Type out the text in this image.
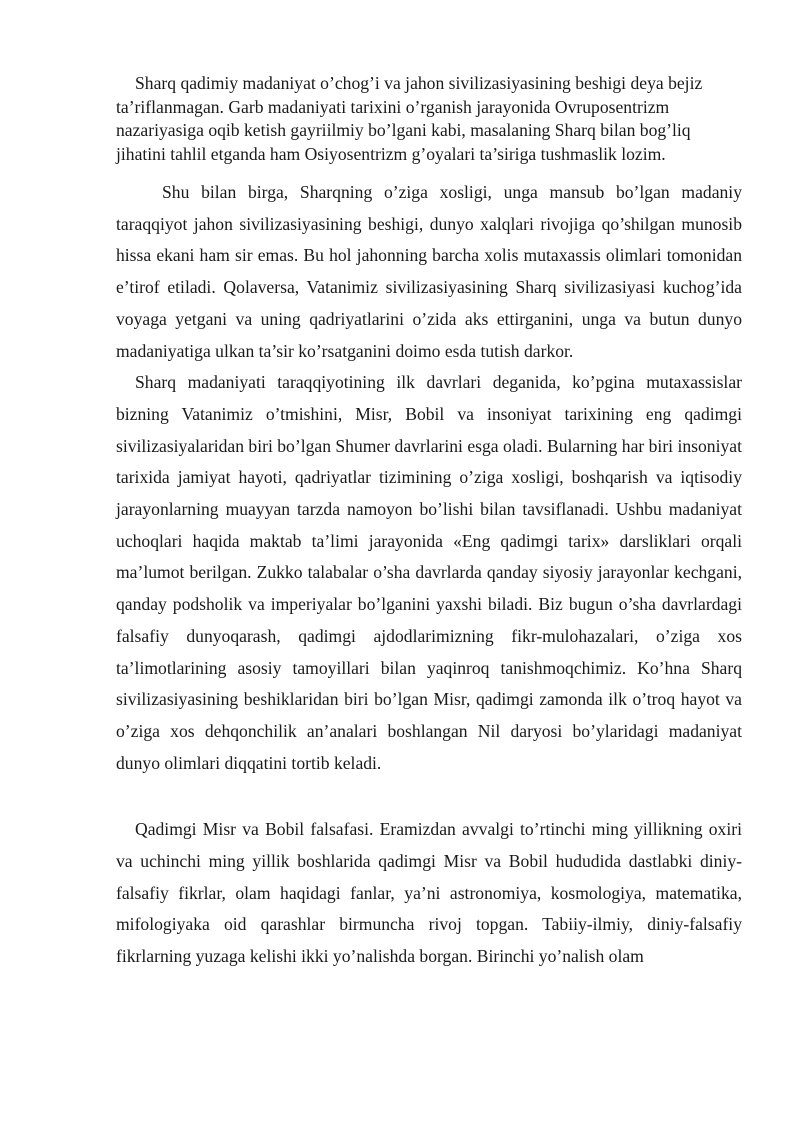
Sharq qadimiy madaniyat o’chog’i va jahon sivilizasiyasining beshigi deya bejiz ta’riflanmagan. Garb madaniyati tarixini o’rganish jarayonida Ovruposentrizm nazariyasiga oqib ketish gayriilmiy bo’lgani kabi, masalaning Sharq bilan bog’liq jihatini tahlil etganda ham Osiyosentrizm g’oyalari ta’siriga tushmaslik lozim.

Shu bilan birga, Sharqning o’ziga xosligi, unga mansub bo’lgan madaniy taraqqiyot jahon sivilizasiyasining beshigi, dunyo xalqlari rivojiga qo’shilgan munosib hissa ekani ham sir emas. Bu hol jahonning barcha xolis mutaxassis olimlari tomonidan e’tirof etiladi. Qolaversa, Vatanimiz sivilizasiyasining Sharq sivilizasiyasi kuchog’ida voyaga yetgani va uning qadriyatlarini o’zida aks ettirganini, unga va butun dunyo madaniyatiga ulkan ta’sir ko’rsatganini doimo esda tutish darkor.

Sharq madaniyati taraqqiyotining ilk davrlari deganida, ko’pgina mutaxassislar bizning Vatanimiz o’tmishini, Misr, Bobil va insoniyat tarixining eng qadimgi sivilizasiyalaridan biri bo’lgan Shumer davrlarini esga oladi. Bularning har biri insoniyat tarixida jamiyat hayoti, qadriyatlar tizimining o’ziga xosligi, boshqarish va iqtisodiy jarayonlarning muayyan tarzda namoyon bo’lishi bilan tavsiflanadi. Ushbu madaniyat uchoqlari haqida maktab ta’limi jarayonida «Eng qadimgi tarix» darsliklari orqali ma’lumot berilgan. Zukko talabalar o’sha davrlarda qanday siyosiy jarayonlar kechgani, qanday podsholik va imperiyalar bo’lganini yaxshi biladi. Biz bugun o’sha davrlardagi falsafiy dunyoqarash, qadimgi ajdodlarimizning fikr-mulohazalari, o’ziga xos ta’limotlarining asosiy tamoyillari bilan yaqinroq tanishmoqchimiz. Ko’hna Sharq sivilizasiyasining beshiklaridan biri bo’lgan Misr, qadimgi zamonda ilk o’troq hayot va o’ziga xos dehqonchilik an’analari boshlangan Nil daryosi bo’ylaridagi madaniyat dunyo olimlari diqqatini tortib keladi.

Qadimgi Misr va Bobil falsafasi. Eramizdan avvalgi to’rtinchi ming yillikning oxiri va uchinchi ming yillik boshlarida qadimgi Misr va Bobil hududida dastlabki diniy-falsafiy fikrlar, olam haqidagi fanlar, ya’ni astronomiya, kosmologiya, matematika, mifologiyaka oid qarashlar birmuncha rivoj topgan. Tabiiy-ilmiy, diniy-falsafiy fikrlarning yuzaga kelishi ikki yo’nalishda borgan. Birinchi yo’nalish olam
